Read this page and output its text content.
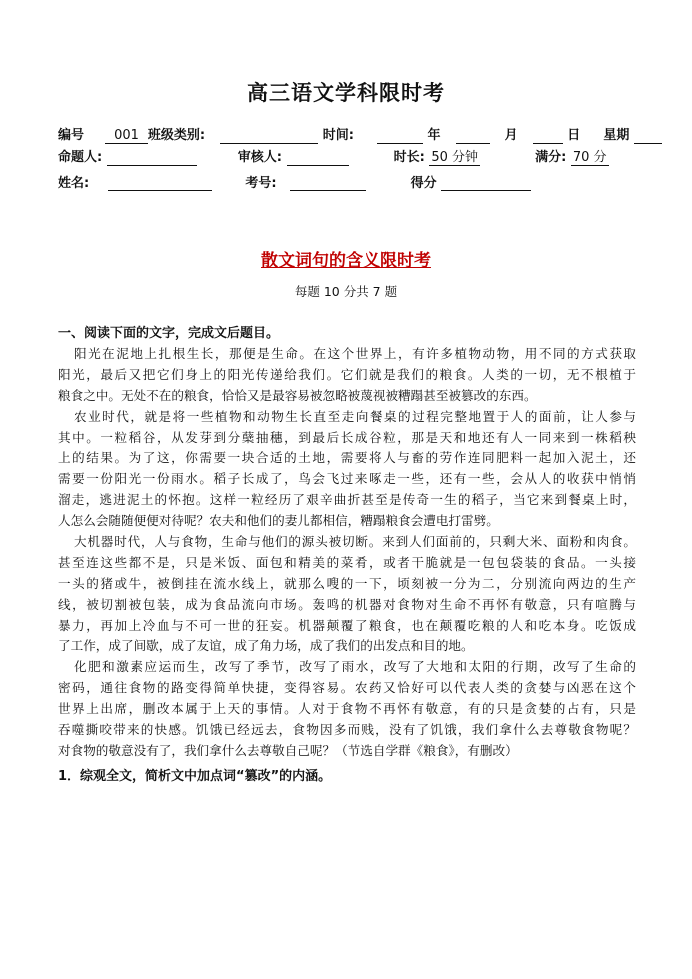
高三语文学科限时考
编号 001 班级类别:	时间:	年	月	日 星期
命题人:	审核人:	时长: 50 分钟	满分: 70 分
姓名:	考号:	得分
散文词句的含义限时考
每题 10 分共 7 题
一、阅读下面的文字，完成文后题目。
阳光在泥地上扎根生长，那便是生命。在这个世界上，有许多植物动物，用不同的方式获取
阳光，最后又把它们身上的阳光传递给我们。它们就是我们的粮食。人类的一切，无不根植于
粮食之中。无处不在的粮食，恰恰又是最容易被忽略被蔑视被糟蹋甚至被篡改的东西。
农业时代，就是将一些植物和动物生长直至走向餐桌的过程完整地置于人的面前，让人参与
其中。一粒稻谷，从发芽到分蘖抽穗，到最后长成谷粒，那是天和地还有人一同来到一株稻秧
上的结果。为了这，你需要一块合适的土地，需要将人与畜的劳作连同肥料一起加入泥土，还
需要一份阳光一份雨水。稻子长成了，鸟会飞过来啄走一些，还有一些，会从人的收获中悄悄
溜走，逃进泥土的怀抱。这样一粒经历了艰辛曲折甚至是传奇一生的稻子，当它来到餐桌上时，
人怎么会随随便便对待呢？农夫和他们的妻儿都相信，糟蹋粮食会遭电打雷劈。
大机器时代，人与食物，生命与他们的源头被切断。来到人们面前的，只剩大米、面粉和肉食。
甚至连这些都不是，只是米饭、面包和精美的菜肴，或者干脆就是一包包袋装的食品。一头接
一头的猪或牛，被倒挂在流水线上，就那么嗖的一下，顷刻被一分为二，分别流向两边的生产
线，被切割被包装，成为食品流向市场。轰鸣的机器对食物对生命不再怀有敬意，只有喧腾与
暴力，再加上冷血与不可一世的狂妄。机器颠覆了粮食，也在颠覆吃粮的人和吃本身。吃饭成
了工作，成了间歇，成了友谊，成了角力场，成了我们的出发点和目的地。
化肥和激素应运而生，改写了季节，改写了雨水，改写了大地和太阳的行期，改写了生命的
密码，通往食物的路变得简单快捷，变得容易。农药又恰好可以代表人类的贪婪与凶恶在这个
世界上出席，删改本属于上天的事情。人对于食物不再怀有敬意，有的只是贪婪的占有，只是
吞噬撕咬带来的快感。饥饿已经远去，食物因多而贱，没有了饥饿，我们拿什么去尊敬食物呢？
对食物的敬意没有了，我们拿什么去尊敬自己呢？（节选自学群《粮食》，有删改）
1．综观全文，简析文中加点词“篡改”的内涵。
